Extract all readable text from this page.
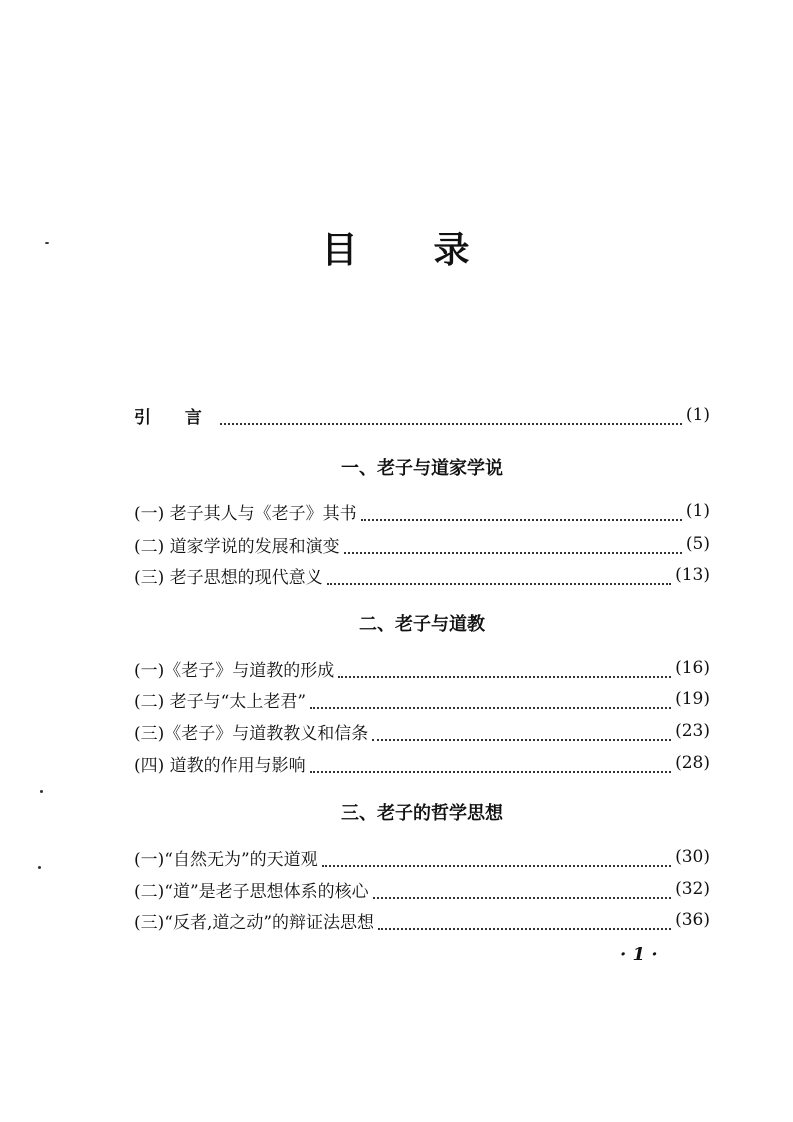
目 录
引 言	(1)
一、老子与道家学说
(一) 老子其人与《老子》其书	(1)
(二) 道家学说的发展和演变	(5)
(三) 老子思想的现代意义	(13)
二、老子与道教
(一)《老子》与道教的形成	(16)
(二) 老子与“太上老君”	(19)
(三)《老子》与道教教义和信条	(23)
(四) 道教的作用与影响	(28)
三、老子的哲学思想
(一)“自然无为”的天道观	(30)
(二)“道”是老子思想体系的核心	(32)
(三)“反者,道之动”的辩证法思想	(36)
· 1 ·
